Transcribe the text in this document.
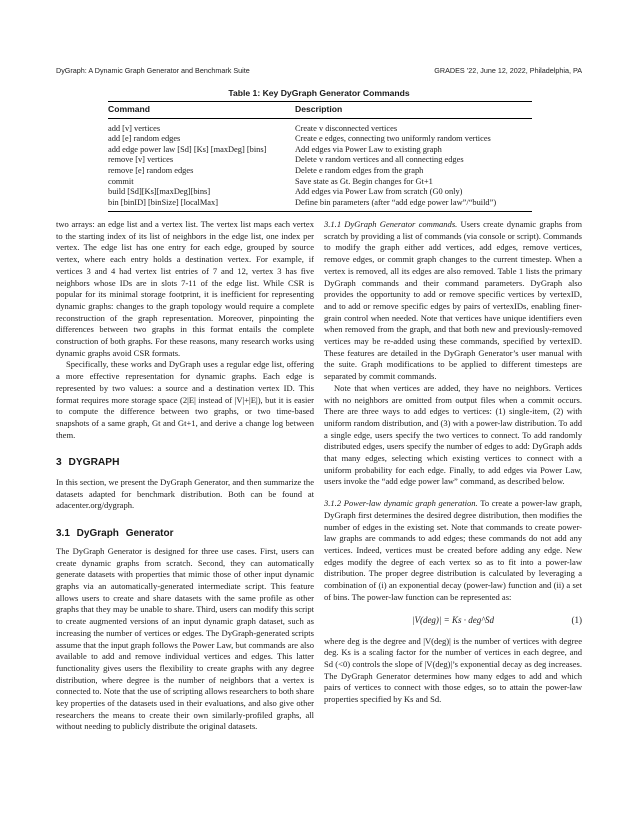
DyGraph: A Dynamic Graph Generator and Benchmark Suite	GRADES ’22, June 12, 2022, Philadelphia, PA
Table 1: Key DyGraph Generator Commands
Command	Description
add [v] vertices	Create v disconnected vertices
add [e] random edges	Create e edges, connecting two uniformly random vertices
add edge power law [Sd] [Ks] [maxDeg] [bins]	Add edges via Power Law to existing graph
remove [v] vertices	Delete v random vertices and all connecting edges
remove [e] random edges	Delete e random edges from the graph
commit	Save state as Gt. Begin changes for Gt+1
build [Sd][Ks][maxDeg][bins]	Add edges via Power Law from scratch (G0 only)
bin [binID] [binSize] [localMax]	Define bin parameters (after “add edge power law”/“build”)

two arrays: an edge list and a vertex list. The vertex list maps each vertex to the starting index of its list of neighbors in the edge list, one index per vertex. The edge list has one entry for each edge, grouped by source vertex, where each entry holds a destination vertex. For example, if vertices 3 and 4 had vertex list entries of 7 and 12, vertex 3 has five neighbors whose IDs are in slots 7-11 of the edge list. While CSR is popular for its minimal storage footprint, it is inefficient for representing dynamic graphs: changes to the graph topology would require a complete reconstruction of the graph representation. Moreover, pinpointing the differences between two graphs in this format entails the complete construction of both graphs. For these reasons, many research works using dynamic graphs avoid CSR formats.

Specifically, these works and DyGraph uses a regular edge list, offering a more effective representation for dynamic graphs. Each edge is represented by two values: a source and a destination vertex ID. This format requires more storage space (2|E| instead of |V|+|E|), but it is easier to compute the difference between two graphs, or two time-based snapshots of a same graph, Gt and Gt+1, and derive a change log between them.

3 DYGRAPH

In this section, we present the DyGraph Generator, and then summarize the datasets adapted for benchmark distribution. Both can be found at adacenter.org/dygraph.

3.1 DyGraph Generator

The DyGraph Generator is designed for three use cases. First, users can create dynamic graphs from scratch. Second, they can automatically generate datasets with properties that mimic those of other input dynamic graphs via an automatically-generated intermediate script. This feature allows users to create and share datasets with the same profile as other graphs that they may be unable to share. Third, users can modify this script to create augmented versions of an input dynamic graph dataset, such as increasing the number of vertices or edges. The DyGraph-generated scripts assume that the input graph follows the Power Law, but commands are also available to add and remove individual vertices and edges. This latter functionality gives users the flexibility to create graphs with any degree distribution, where degree is the number of neighbors that a vertex is connected to. Note that the use of scripting allows researchers to both share key properties of the datasets used in their evaluations, and also give other researchers the means to create their own similarly-profiled graphs, all without needing to publicly distribute the original datasets.

3.1.1 DyGraph Generator commands. Users create dynamic graphs from scratch by providing a list of commands (via console or script). Commands to modify the graph either add vertices, add edges, remove vertices, remove edges, or commit graph changes to the current timestep. When a vertex is removed, all its edges are also removed. Table 1 lists the primary DyGraph commands and their command parameters. DyGraph also provides the opportunity to add or remove specific vertices by vertexID, and to add or remove specific edges by pairs of vertexIDs, enabling finer-grain control when needed. Note that vertices have unique identifiers even when removed from the graph, and that both new and previously-removed vertices may be re-added using these commands, specified by vertexID. These features are detailed in the DyGraph Generator’s user manual with the suite. Graph modifications to be applied to different timesteps are separated by commit commands.

Note that when vertices are added, they have no neighbors. Vertices with no neighbors are omitted from output files when a commit occurs. There are three ways to add edges to vertices: (1) single-item, (2) with uniform random distribution, and (3) with a power-law distribution. To add a single edge, users specify the two vertices to connect. To add randomly distributed edges, users specify the number of edges to add: DyGraph adds that many edges, selecting which existing vertices to connect with a uniform probability for each edge. Finally, to add edges via Power Law, users invoke the “add edge power law” command, as described below.

3.1.2 Power-law dynamic graph generation. To create a power-law graph, DyGraph first determines the desired degree distribution, then modifies the number of edges in the existing set. Note that commands to create power-law graphs are commands to add edges; these commands do not add any vertices. Indeed, vertices must be created before adding any edge. New edges modify the degree of each vertex so as to fit into a power-law distribution. The proper degree distribution is calculated by leveraging a combination of (i) an exponential decay (power-law) function and (ii) a set of bins. The power-law function can be represented as:

|V(deg)| = Ks · deg^Sd	(1)

where deg is the degree and |V(deg)| is the number of vertices with degree deg. Ks is a scaling factor for the number of vertices in each degree, and Sd (<0) controls the slope of |V(deg)|’s exponential decay as deg increases. The DyGraph Generator determines how many edges to add and which pairs of vertices to connect with those edges, so to attain the power-law properties specified by Ks and Sd.
